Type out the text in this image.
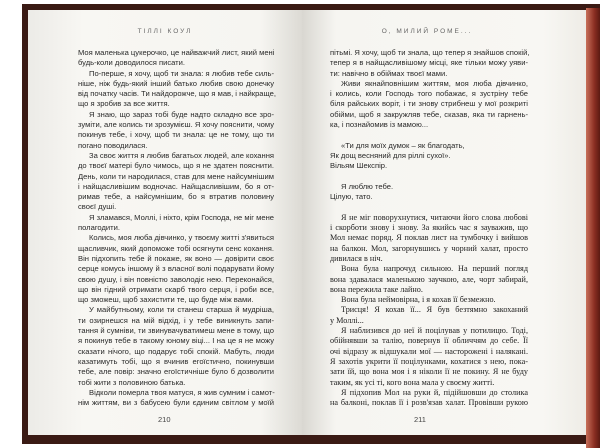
ТІЛЛІ КОУЛ
Моя маленька цукерочко, це найважчий лист, який мені
будь-коли доводилося писати.
По-перше, я хочу, щоб ти знала: я любив тебе силь-
ніше, ніж будь-який інший батько любив свою донечку
від початку часів. Ти найдорожче, що я мав, і найкраще,
що я зробив за все життя.
Я знаю, що зараз тобі буде надто складно все зро-
зуміти, але колись ти зрозумієш. Я хочу пояснити, чому
покинув тебе, і хочу, щоб ти знала: це не тому, що ти
погано поводилася.
За своє життя я любив багатьох людей, але кохання
до твоєї матері було чимось, що я не здатен пояснити.
День, коли ти народилася, став для мене найсумнішим
і найщасливішим водночас. Найщасливішим, бо я от-
римав тебе, а найсумнішим, бо я втратив половину
своєї душі.
Я зламався, Моллі, і ніхто, крім Господа, не міг мене
полагодити.
Колись, моя люба дівчинко, у твоєму житті з'явиться
щасливчик, який допоможе тобі осягнути сенс кохання.
Він підхопить тебе й покаже, як воно — довірити своє
серце комусь іншому й з власної волі подарувати йому
свою душу, і він повністю заволодіє нею. Переконайся,
що він гідний отримати скарб твого серця, і роби все,
що зможеш, щоб захистити те, що буде між вами.
У майбутньому, коли ти станеш старша й мудріша,
ти озирнешся на мій відхід, і у тебе виникнуть запи-
тання й сумніви, ти звинувачуватимеш мене в тому, що
я покинув тебе в такому юному віці... І на це я не можу
сказати нічого, що подарує тобі спокій. Мабуть, люди
казатимуть тобі, що я вчинив егоїстично, покинувши
тебе, але повір: значно егоїстичніше було б дозволити
тобі жити з половиною батька.
Відколи померла твоя матуся, я жив сумним і самот-
нім життям, ви з бабусею були єдиним світлом у моїй
210
О, МИЛИЙ РОМЕ...
пітьмі. Я хочу, щоб ти знала, що тепер я знайшов спокій,
тепер я в найщасливішому місці, яке тільки можу уяви-
ти: навічно в обіймах твоєї мами.
Живи якнайповнішим життям, моя люба дівчинко,
і колись, коли Господь того побажає, я зустріну тебе
біля райських воріт, і ти знову стрибнеш у мої розкриті
обійми, щоб я закружляв тебе, сказав, яка ти гарнень-
ка, і познайомив із мамою...
«Ти для моїх думок – як благодать,
Як дощ весняний для ріллі сухої».
Вільям Шекспір.
Я люблю тебе.
Цілую, тато.
Я не міг поворухнутися, читаючи його слова любові
і скорботи знову і знову. За якийсь час я зауважив, що
Мол немає поряд. Я поклав лист на тумбочку і вийшов
на балкон. Мол, загорнувшись у чорний халат, просто
дивилася в ніч.
Вона була напрочуд сильною. На перший погляд
вона здавалася маленькою заучкою, але, чорт забирай,
вона пережила таке лайно.
Вона була неймовірна, і я кохав її безмежно.
Трисця! Я кохав її... Я був безтямно закоханий
у Моллі...
Я наблизився до неї й поцілував у потилицю. Тоді,
обійнявши за талію, повернув її обличчям до себе. Її
очі відразу ж відшукали мої — насторожені і налякані.
Я захотів укрити її поцілунками, кохатися з нею, пока-
зати їй, що вона моя і я ніколи її не покину. Я не буду
таким, як усі ті, кого вона мала у своєму житті.
Я підхопив Мол на руки й, підійшовши до столика
на балконі, поклав її і розв'язав халат. Провівши рукою
211
